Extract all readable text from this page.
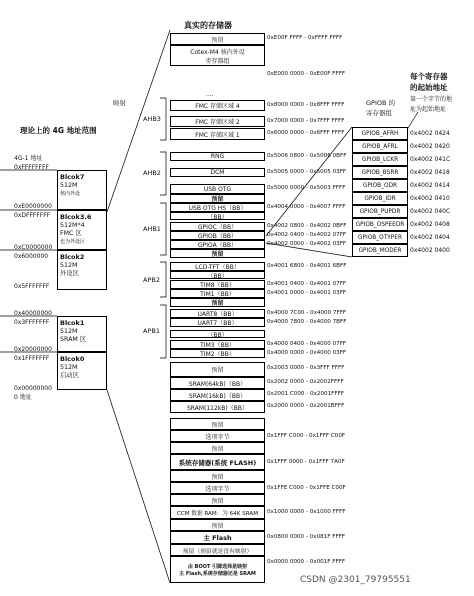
真实的存储器
映射
理论上的 4G 地址范围
每个寄存器
的起始地址
第一个字节的地
址为起始地址
GPIOB 的
寄存器组
4G-1 地址
0xFFFFFFFF
0xE0000000
0xDFFFFFFF
0xC0000000
0x6000000
0x5FFFFFFF
0x40000000
0x3FFFFFFF
0x20000000
0x1FFFFFFF
0x00000000
0 地址
Blcok7
512M
核内外设
Blcok3.6
512M*4
FMC 区
也为外设区
Blcok2
512M
外设区
Blcok1
512M
SRAM 区
Blcok0
512M
启动区
AHB3
AHB2
AHB1
APB2
APB1
预留
Cotex-M4 核内外设
寄存器组
....
FMC 存储区域 4
FMC 存储区域 2
FMC 存储区域 1
RNG
DCM
USB OTG
预留
USB OTG HS（BB）
（BB）
GPIOC（BB）
GPIOB（BB）
GPIOA（BB）
预留
LCD-TFT（BB）
（BB）
TIM8（BB）
TIM1（BB）
预留
UART8（BB）
UART7（BB）
（BB）
TIM3（BB）
TIM2（BB）
预留
SRAM(64kB)（BB）
SRAM(16kB)（BB）
SRAM(112kB)（BB）
预留
选项字节
预留
系统存储器(系统 FLASH)
预留
选项字节
预留
CCM 数据 RAM：为 64K SRAM
预留
主 Flash
预留（预留就是没有映射）
由 BOOT 引脚选择是映射
主 Flash,系统存储器还是 SRAM
0xE00F FFFF - 0xFFFF FFFF
0xE000 0000 - 0xE00F FFFF
0x8000 0000 - 0x8FFF FFFF
0x7000 0000 - 0x7FFF FFFF
0x6000 0000 - 0x6FFF FFFF
0x5006 0800 - 0x5006 0BFF
0x5005 0000 - 0x5005 03FF
0x5000 0000 - 0x5003 FFFF
0x4004 0000 - 0x4007 FFFF
0x4002 0800 - 0x4002 0BFF
0x4002 0400 - 0x4002 07FF
0x4002 0000 - 0x4002 03FF
0x4001 6800 - 0x4001 6BFF
0x4001 0400 - 0x4001 07FF
0x4001 0000 - 0x4001 03FF
0x4000 7C00 - 0x4000 7FFF
0x4000 7800 - 0x4000 7BFF
0x4000 0400 - 0x4000 07FF
0x4000 0000 - 0x4000 03FF
0x2003 0000 - 0x3FFF FFFF
0x2002 0000 - 0x2002FFFF
0x2001 C000 - 0x2001FFFF
0x2000 0000 - 0x2001BFFF
0x1FFF C000 - 0x1FFF C00F
0x1FFF 0000 - 0x1FFF 7A0F
0x1FFE C000 - 0x1FFE C00F
0x1000 0000 - 0x1000 FFFF
0x0800 0000 - 0x081F FFFF
0x0000 0000 - 0x001F FFFF
GPIOB_AFRH	0x4002 0424
GPIOB_AFRL	0x4002 0420
GPIOB_LCKR	0x4002 041C
GPIOB_BSRR	0x4002 0418
GPIOB_ODR	0x4002 0414
GPIOB_IDR	0x4002 0410
GPIOB_PUPDR	0x4002 040C
GPIOB_OSPEEDR 0x4002 0408
GPIOB_OTYPER	0x4002 0404
GPIOB_MODER	0x4002 0400
CSDN @2301_79795551
